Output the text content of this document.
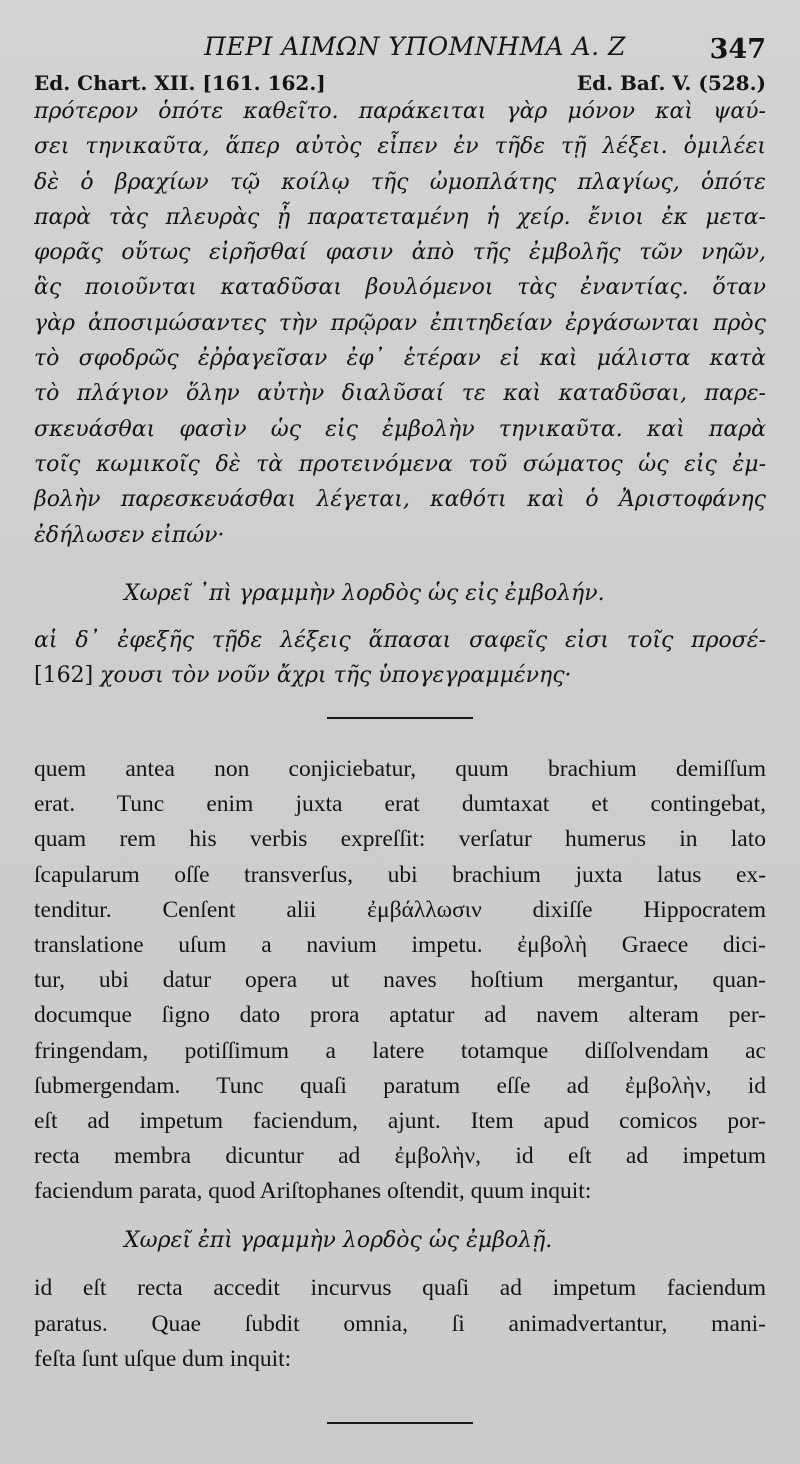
ΠΕΡΙ ΑΙΜΩΝ ΥΠΟΜΝΗΜΑ Α. Ζ	347
Ed. Chart. XII. [161. 162.]	Ed. Baſ. V. (528.)
πρότερον ὁπότε καθεῖτο. παράκειται γὰρ μόνον καὶ ψαύ-
σει τηνικαῦτα, ἅπερ αὐτὸς εἶπεν ἐν τῆδε τῇ λέξει. ὁμιλέει
δὲ ὁ βραχίων τῷ κοίλῳ τῆς ὠμοπλάτης πλαγίως, ὁπότε
παρὰ τὰς πλευρὰς ᾖ παρατεταμένη ἡ χείρ. ἔνιοι ἐκ μετα-
φορᾶς οὕτως εἰρῆσθαί φασιν ἀπὸ τῆς ἐμβολῆς τῶν νηῶν,
ἃς ποιοῦνται καταδῦσαι βουλόμενοι τὰς ἐναντίας. ὅταν
γὰρ ἀποσιμώσαντες τὴν πρῷραν ἐπιτηδείαν ἐργάσωνται πρὸς
τὸ σφοδρῶς ἐῤῥαγεῖσαν ἐφ᾽ ἑτέραν εἰ καὶ μάλιστα κατὰ
τὸ πλάγιον ὅλην αὐτὴν διαλῦσαί τε καὶ καταδῦσαι, παρε-
σκευάσθαι φασὶν ὡς εἰς ἐμβολὴν τηνικαῦτα. καὶ παρὰ
τοῖς κωμικοῖς δὲ τὰ προτεινόμενα τοῦ σώματος ὡς εἰς ἐμ-
βολὴν παρεσκευάσθαι λέγεται, καθότι καὶ ὁ Ἀριστοφάνης
ἐδήλωσεν εἰπών·
Χωρεῖ ᾽πὶ γραμμὴν λορδὸς ὡς εἰς ἐμβολήν.
αἱ δ᾽ ἐφεξῆς τῇδε λέξεις ἅπασαι σαφεῖς εἰσι τοῖς προσέ-
[162] χουσι τὸν νοῦν ἄχρι τῆς ὑπογεγραμμένης·
quem antea non conjiciebatur, quum brachium demiſſum
erat. Tunc enim juxta erat dumtaxat et contingebat,
quam rem his verbis expreſſit: verſatur humerus in lato
ſcapularum oſſe transverſus, ubi brachium juxta latus ex-
tenditur. Cenſent alii ἐμβάλλωσιν dixiſſe Hippocratem
translatione uſum a navium impetu. ἐμβολὴ Graece dici-
tur, ubi datur opera ut naves hoſtium mergantur, quan-
documque ſigno dato prora aptatur ad navem alteram per-
fringendam, potiſſimum a latere totamque diſſolvendam ac
ſubmergendam. Tunc quaſi paratum eſſe ad ἐμβολὴν, id
eſt ad impetum faciendum, ajunt. Item apud comicos por-
recta membra dicuntur ad ἐμβολὴν, id eſt ad impetum
faciendum parata, quod Ariſtophanes oſtendit, quum inquit:
Χωρεῖ ἐπὶ γραμμὴν λορδὸς ὡς ἐμβολῇ.
id eſt recta accedit incurvus quaſi ad impetum faciendum
paratus. Quae ſubdit omnia, ſi animadvertantur, mani-
feſta ſunt uſque dum inquit:
